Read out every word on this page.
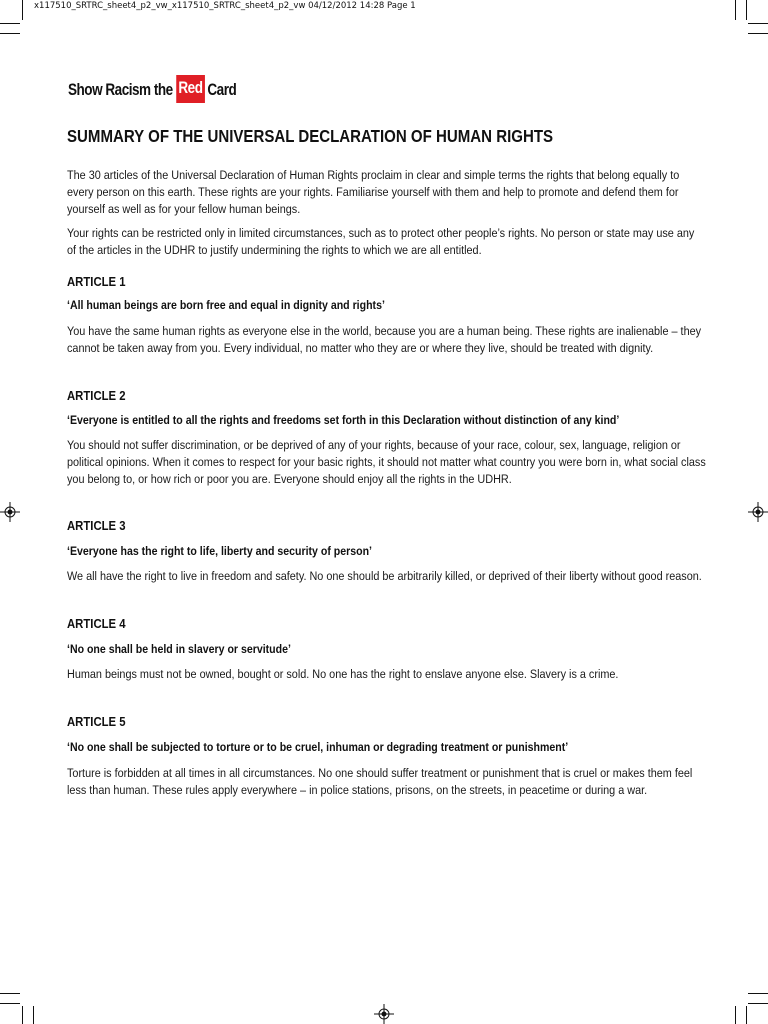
x117510_SRTRC_sheet4_p2_vw_x117510_SRTRC_sheet4_p2_vw 04/12/2012 14:28 Page 1
Show Racism the Red Card
SUMMARY OF THE UNIVERSAL DECLARATION OF HUMAN RIGHTS

The 30 articles of the Universal Declaration of Human Rights proclaim in clear and simple terms the rights that belong equally to every person on this earth. These rights are your rights. Familiarise yourself with them and help to promote and defend them for yourself as well as for your fellow human beings.

Your rights can be restricted only in limited circumstances, such as to protect other people’s rights. No person or state may use any of the articles in the UDHR to justify undermining the rights to which we are all entitled.

ARTICLE 1
‘All human beings are born free and equal in dignity and rights’

You have the same human rights as everyone else in the world, because you are a human being. These rights are inalienable – they cannot be taken away from you. Every individual, no matter who they are or where they live, should be treated with dignity.

ARTICLE 2
‘Everyone is entitled to all the rights and freedoms set forth in this Declaration without distinction of any kind’

You should not suffer discrimination, or be deprived of any of your rights, because of your race, colour, sex, language, religion or political opinions. When it comes to respect for your basic rights, it should not matter what country you were born in, what social class you belong to, or how rich or poor you are. Everyone should enjoy all the rights in the UDHR.

ARTICLE 3
‘Everyone has the right to life, liberty and security of person’

We all have the right to live in freedom and safety. No one should be arbitrarily killed, or deprived of their liberty without good reason.

ARTICLE 4
‘No one shall be held in slavery or servitude’

Human beings must not be owned, bought or sold. No one has the right to enslave anyone else. Slavery is a crime.

ARTICLE 5
‘No one shall be subjected to torture or to be cruel, inhuman or degrading treatment or punishment’

Torture is forbidden at all times in all circumstances. No one should suffer treatment or punishment that is cruel or makes them feel less than human. These rules apply everywhere – in police stations, prisons, on the streets, in peacetime or during a war.
